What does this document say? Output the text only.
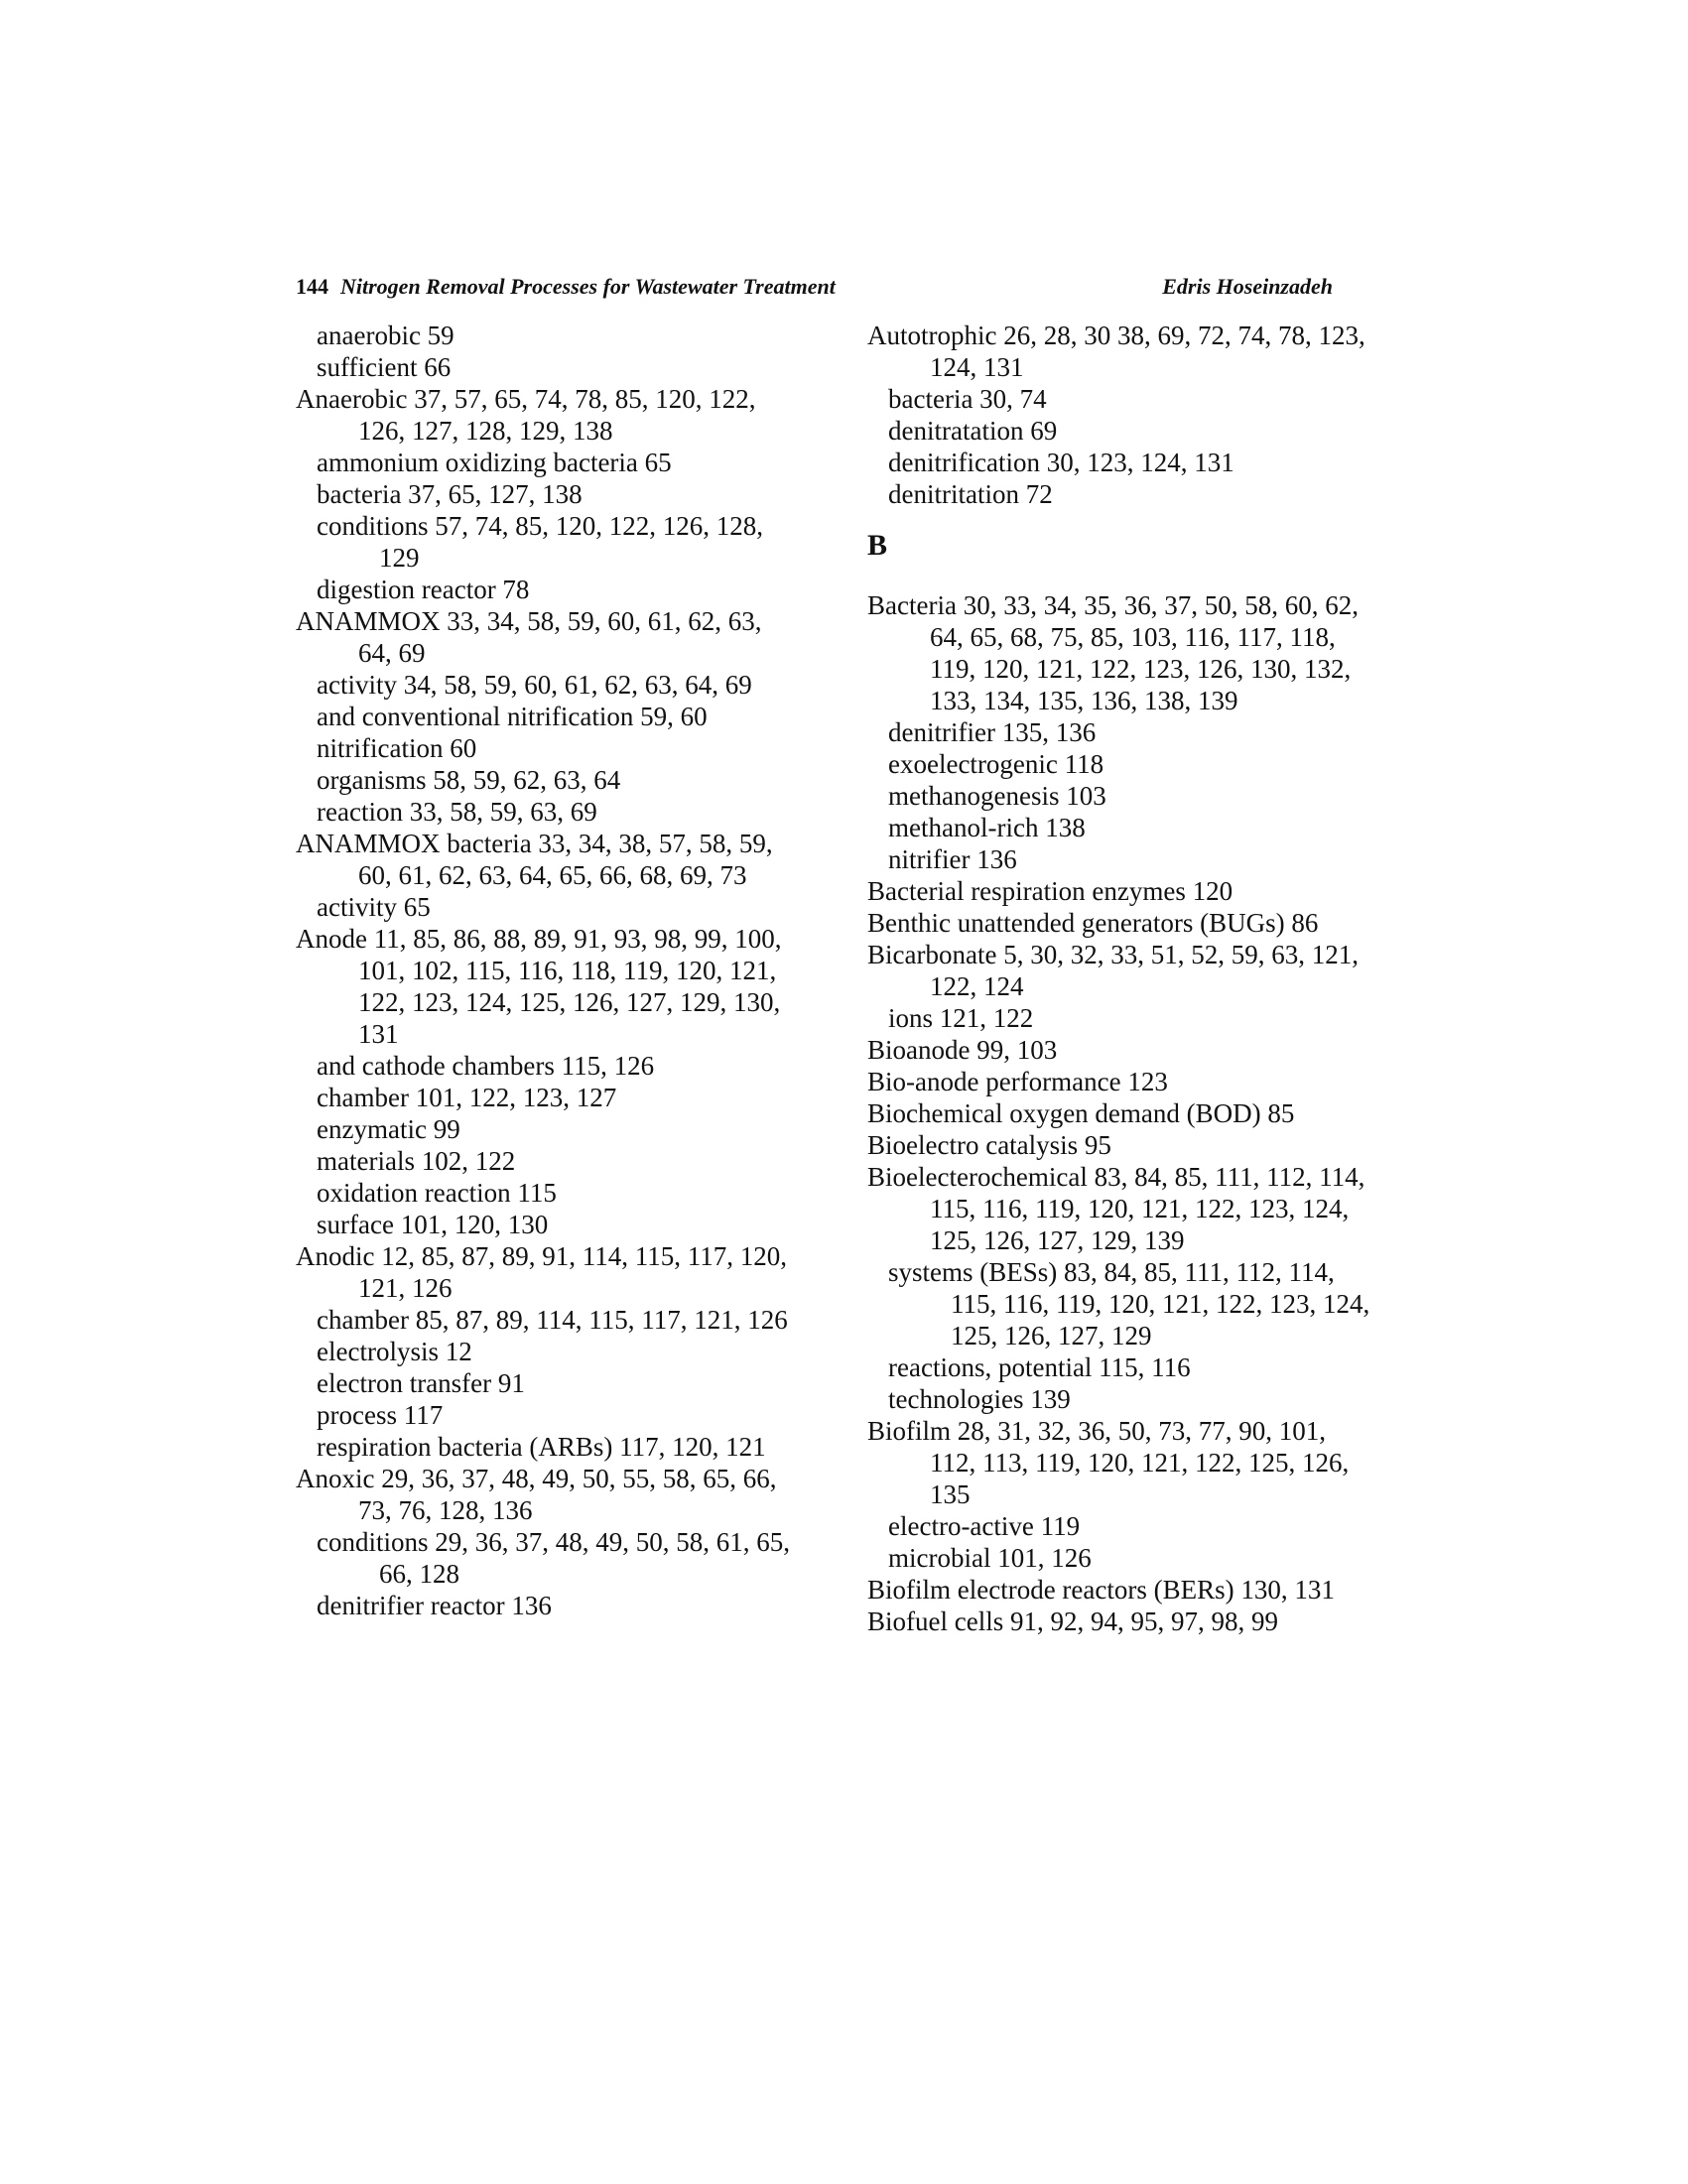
144 Nitrogen Removal Processes for Wastewater Treatment	Edris Hoseinzadeh
anaerobic 59
sufficient 66
Anaerobic 37, 57, 65, 74, 78, 85, 120, 122,
126, 127, 128, 129, 138
ammonium oxidizing bacteria 65
bacteria 37, 65, 127, 138
conditions 57, 74, 85, 120, 122, 126, 128,
129
digestion reactor 78
ANAMMOX 33, 34, 58, 59, 60, 61, 62, 63,
64, 69
activity 34, 58, 59, 60, 61, 62, 63, 64, 69
and conventional nitrification 59, 60
nitrification 60
organisms 58, 59, 62, 63, 64
reaction 33, 58, 59, 63, 69
ANAMMOX bacteria 33, 34, 38, 57, 58, 59,
60, 61, 62, 63, 64, 65, 66, 68, 69, 73
activity 65
Anode 11, 85, 86, 88, 89, 91, 93, 98, 99, 100,
101, 102, 115, 116, 118, 119, 120, 121,
122, 123, 124, 125, 126, 127, 129, 130,
131
and cathode chambers 115, 126
chamber 101, 122, 123, 127
enzymatic 99
materials 102, 122
oxidation reaction 115
surface 101, 120, 130
Anodic 12, 85, 87, 89, 91, 114, 115, 117, 120,
121, 126
chamber 85, 87, 89, 114, 115, 117, 121, 126
electrolysis 12
electron transfer 91
process 117
respiration bacteria (ARBs) 117, 120, 121
Anoxic 29, 36, 37, 48, 49, 50, 55, 58, 65, 66,
73, 76, 128, 136
conditions 29, 36, 37, 48, 49, 50, 58, 61, 65,
66, 128
denitrifier reactor 136
Autotrophic 26, 28, 30 38, 69, 72, 74, 78, 123,
124, 131
bacteria 30, 74
denitratation 69
denitrification 30, 123, 124, 131
denitritation 72
B
Bacteria 30, 33, 34, 35, 36, 37, 50, 58, 60, 62,
64, 65, 68, 75, 85, 103, 116, 117, 118,
119, 120, 121, 122, 123, 126, 130, 132,
133, 134, 135, 136, 138, 139
denitrifier 135, 136
exoelectrogenic 118
methanogenesis 103
methanol-rich 138
nitrifier 136
Bacterial respiration enzymes 120
Benthic unattended generators (BUGs) 86
Bicarbonate 5, 30, 32, 33, 51, 52, 59, 63, 121,
122, 124
ions 121, 122
Bioanode 99, 103
Bio-anode performance 123
Biochemical oxygen demand (BOD) 85
Bioelectro catalysis 95
Bioelecterochemical 83, 84, 85, 111, 112, 114,
115, 116, 119, 120, 121, 122, 123, 124,
125, 126, 127, 129, 139
systems (BESs) 83, 84, 85, 111, 112, 114,
115, 116, 119, 120, 121, 122, 123, 124,
125, 126, 127, 129
reactions, potential 115, 116
technologies 139
Biofilm 28, 31, 32, 36, 50, 73, 77, 90, 101,
112, 113, 119, 120, 121, 122, 125, 126,
135
electro-active 119
microbial 101, 126
Biofilm electrode reactors (BERs) 130, 131
Biofuel cells 91, 92, 94, 95, 97, 98, 99
